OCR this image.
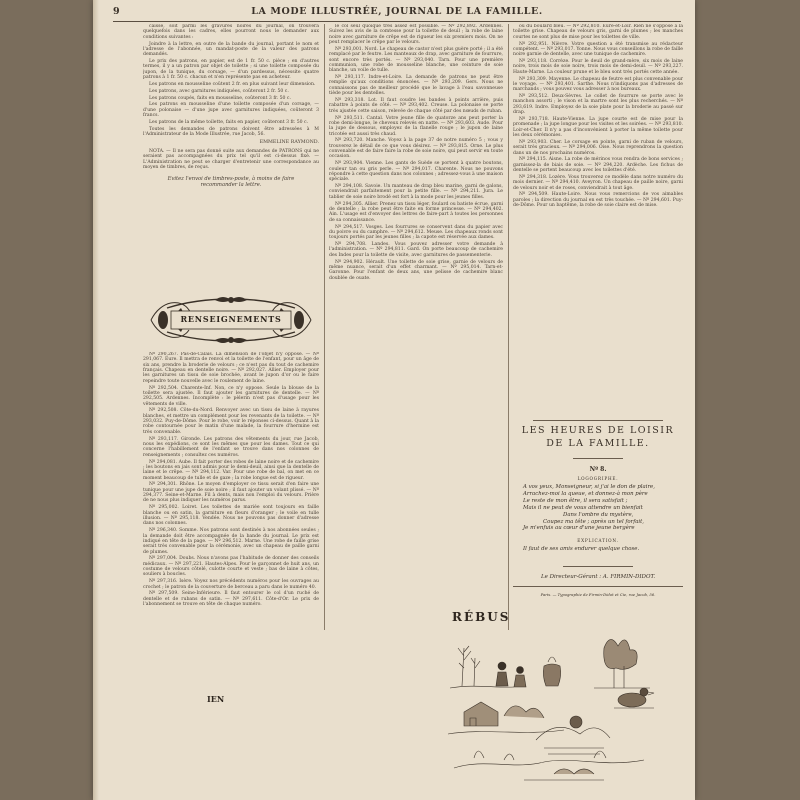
9	LA MODE ILLUSTRÉE, JOURNAL DE LA FAMILLE.

caisse, soit parmi les gravures noires du journal, on trouvera quelquefois dans les cadres, elles pourront nous le demander aux conditions suivantes :

Joindre à la lettre, en outre de la bande du journal, portant le nom et l'adresse de l'abonnée, un mandat-poste de la valeur des patrons demandés.

Le prix des patrons, en papier, est de 1 fr. 50 c. pièce ; en d'autres termes, il y a un patron par objet de toilette ; si une toilette composée du jupon, de la tunique, du corsage, — d'un pardessus, nécessite quatre patrons à 1 fr. 50 c. chacun et n'en représente pas en acheteur.

Les patrons en mousseline coûtent 2 fr. en plus suivant leur dimension.

Les patrons, avec garnitures indiquées, coûteront 2 fr. 50 c.

Les patrons coupés, faits en mousseline, coûteront 3 fr. 50 c.

Les patrons en mousseline d'une toilette composée d'un corsage, — d'une polonaise — d'une jupe avec garnitures indiquées, coûteront 3 francs.

Les patrons de la même toilette, faits en papier, coûteront 3 fr. 50 c.

Toutes les demandes de patrons doivent être adressées à M l'Administrateur de la Mode Illustrée, rue Jacob, 56.

EMMELINE RAYMOND.

NOTA. — Il ne sera pas donné suite aux demandes de PATRONS qui ne seraient pas accompagnées du prix tel qu'il est ci-dessus fixé. — L'Administration ne peut se charger d'entretenir une correspondance au moyen de timbres, de reçus.

Evitez l'envoi de timbres-poste, à moins de faire recommander la lettre.
RENSEIGNEMENTS

Nº 290,267. Pas-de-Calais. La dimension de l'objet n'y oppose. — Nº 291,067. Eure. Il mettra de renvoi et la toilette de l'enfant, pour un âge de six ans, prendre la broderie de velours ; ce n'est pas du tout de cachemire français. Chapeau en dentelle noire. — Nº 292,027. Allier. Employer pour les garnitures un tissu de soie brochée, avant le jupon d'or ou le faire repeindre toute nouvelle avec le roulement de laine.

Nº 292,504. Charente-Inf. Non, ce n'y oppose. Seule la blouse de la toilette sera ajustée. Il faut ajouter les garnitures de dentelle. — Nº 292,505. Ardennes. Incomplète : le pèlerin n'est pas d'usage pour les vêtements de ville.

Nº 292,508. Côte-du-Nord. Renvoyer avec un tissu de laine à rayures blanches, et mettre un complément pour les revenants de la toilette. — Nº 293,032. Puy-de-Dôme. Pour le robe, voir le réponses ci-dessus. Quant à la robe contournée pour le matin d'une malade, la fourrure d'hermine est très convenable.

Nº 293,117. Gironde. Les patrons des vêtements du jour, rue Jacob, nous les expédions, ce sont les mêmes que pour les dames. Tout ce qui concerne l'habillement de l'enfant se trouve dans nos colonnes de renseignements ; consultez ces numéros.

Nº 294,081. Aube. Il fait porter des robes de laine noire et de cachemire ; les boutons en jais sont admis pour le demi-deuil, ainsi que la dentelle de laine et le crêpe. — Nº 294,112. Var. Pour une robe de bal, on met en ce moment beaucoup de tulle et de gaze ; la robe longue est de rigueur.

Nº 294,301. Rhône. Le moyen d'employer ce tissu serait d'en faire une tunique pour une jupe de soie noire ; il faut ajouter un volant plissé. — Nº 294,377. Seine-et-Marne. Fil à dents, mais non l'emploi du velours. Prière de ne nous plus indiquer les numéros parus.

Nº 295,002. Loiret. Les toilettes de mariée sont toujours en faille blanche ou en satin, la garniture en fleurs d'oranger ; le voile en tulle illusion. — Nº 295,118. Vendée. Nous ne pouvons pas donner d'adresse dans nos colonnes.

Nº 296,340. Somme. Nos patrons sont destinés à nos abonnées seules ; la demande doit être accompagnée de la bande du journal. Le prix est indiqué en tête de la page. — Nº 296,512. Marne. Une robe de faille grise serait très convenable pour la cérémonie, avec un chapeau de paille garni de plumes.

Nº 297,004. Doubs. Nous n'avons pas l'habitude de donner des conseils médicaux. — Nº 297,221. Hautes-Alpes. Pour le garçonnet de huit ans, un costume de velours côtelé, culotte courte et veste ; bas de laine à côtes, souliers à boucles.

Nº 297,316. Isère. Voyez nos précédents numéros pour les ouvrages au crochet ; le patron de la couverture de berceau a paru dans le numéro 40.

Nº 297,509. Seine-Inférieure. Il faut entourer le col d'un ruché de dentelle et de rubans de satin. — Nº 297,611. Côte-d'Or. Le prix de l'abonnement se trouve en tête de chaque numéro.

le col seul quoique très assez est possible. — Nº 292,892. Ardennes. Suivez les avis de la comtesse pour la toilette de deuil ; la robe de laine noire avec garniture de crêpe est de rigueur les six premiers mois. On ne peut remplacer le crêpe par le velours.

Nº 293,001. Nord. Le chapeau de castor n'est plus guère porté ; il a été remplacé par le feutre. Les manteaux de drap, avec garniture de fourrure, sont encore très portés. — Nº 293,040. Tarn. Pour une première communion, une robe de mousseline blanche, une ceinture de soie blanche, un voile de tulle.

Nº 293,117. Indre-et-Loire. La demande de patrons ne peut être remplie qu'aux conditions énoncées. — Nº 293,209. Gers. Nous ne connaissons pas de meilleur procédé que le lavage à l'eau savonneuse tiède pour les dentelles.

Nº 293,318. Lot. Il faut coudre les bandes à points arrière, puis rabattre à points de côté. — Nº 293,402. Creuse. La polonaise se porte très ajustée cette saison, relevée de chaque côté par des nœuds de ruban.

Nº 293,511. Cantal. Votre jeune fille de quatorze ans peut porter la robe demi-longue, le cheveux relevés en natte. — Nº 293,603. Aude. Pour la jupe de dessous, employez de la flanelle rouge ; le jupon de laine tricotée est aussi très chaud.

Nº 293,720. Manche. Voyez à la page 37 de notre numéro 5 ; vous y trouverez le détail de ce que vous désirez. — Nº 293,815. Orne. Le plus convenable est de faire faire la robe de soie noire, qui peut servir en toute occasion.

Nº 293,904. Vienne. Les gants de Suède se portent à quatre boutons, couleur tan ou gris perle. — Nº 294,017. Charente. Nous ne pouvons répondre à cette question dans nos colonnes ; adressez-vous à une maison spéciale.

Nº 294,108. Savoie. Un manteau de drap bleu marine, garni de galons, conviendrait parfaitement pour la petite fille. — Nº 294,211. Jura. Le tablier de soie noire brodé est fort à la mode pour les jeunes filles.

Nº 294,305. Allier. Prenez un tissu léger, foulard ou batiste écrue, garni de dentelle ; la robe peut être faite en forme princesse. — Nº 294,402. Ain. L'usage est d'envoyer des lettres de faire-part à toutes les personnes de sa connaissance.

Nº 294,517. Vosges. Les fourrures se conservent dans du papier avec du poivre ou du camphre. — Nº 294,612. Meuse. Les chapeaux ronds sont toujours portés par les jeunes filles ; la capote est réservée aux dames.

Nº 294,708. Landes. Vous pouvez adresser votre demande à l'administration. — Nº 294,811. Gard. On porte beaucoup de cachemire des Indes pour la toilette de visite, avec garnitures de passementerie.

Nº 294,902. Hérault. Une toilette de soie grise, garnie de velours de même nuance, serait d'un effet charmant. — Nº 295,014. Tarn-et-Garonne. Pour l'enfant de deux ans, une pelisse de cachemire blanc doublée de ouate.

ou du boulard bleu. — Nº 292,810. Eure-et-Loir. Rien ne s'oppose à la toilette grise. Chapeau de velours gris, garni de plumes ; les manches courtes ne sont plus de mise pour les toilettes de ville.

Nº 292,951. Nièvre. Votre question a été transmise au rédacteur compétent. — Nº 293,017. Yonne. Nous vous conseillons la robe de faille noire garnie de dentelle, avec une tunique de cachemire.

Nº 293,118. Corrèze. Pour le deuil de grand-mère, six mois de laine noire, trois mois de soie noire, trois mois de demi-deuil. — Nº 293,227. Haute-Marne. La couleur prune et le bleu sont très portés cette année.

Nº 293,309. Mayenne. Le chapeau de feutre est plus convenable pour le voyage. — Nº 293,401. Sarthe. Nous n'indiquons pas d'adresses de marchands ; vous pouvez vous adresser à nos bureaux.

Nº 293,512. Deux-Sèvres. Le collet de fourrure se porte avec le manchon assorti ; le vison et la martre sont les plus recherchés. — Nº 293,619. Indre. Employez de la soie plate pour la broderie au passé sur drap.

Nº 293,718. Haute-Vienne. La jupe courte est de mise pour la promenade ; la jupe longue pour les visites et les soirées. — Nº 293,810. Loir-et-Cher. Il n'y a pas d'inconvénient à porter la même toilette pour les deux cérémonies.

Nº 293,903. Cher. Le corsage en pointe, garni de ruban de velours, serait très gracieux. — Nº 294,006. Oise. Nous reprendrons la question dans un de nos prochains numéros.

Nº 294,115. Aisne. La robe de mérinos vous rendra de bons services ; garnissez-la de biais de soie. — Nº 294,220. Ardèche. Les fichus de dentelle se portent beaucoup avec les toilettes d'été.

Nº 294,318. Lozère. Vous trouverez ce modèle dans notre numéro du mois dernier. — Nº 294,410. Aveyron. Un chapeau de paille noire, garni de velours noir et de roses, conviendrait à tout âge.

Nº 294,509. Haute-Loire. Nous vous remercions de vos aimables paroles ; la direction du journal en est très touchée. — Nº 294,601. Puy-de-Dôme. Pour un baptême, la robe de soie claire est de mise.

LES HEURES DE LOISIR
DE LA FAMILLE.
Nº 8.
LOGOGRIPHE.
A vos yeux, Monseigneur, si j'ai le don de plaire,
Arrachez-moi la queue, et donnez-à mon père
Le reste de mon être, il sera satisfait ;
Mais il ne peut de vous attendre un bienfait
Dans l'ombre du mystère,
Coupez ma tête ; après un tel forfait,
Je m'enfuis au cœur d'une jeune bergère
EXPLICATION.
Il faut de ses amis endurer quelque chose.
Le Directeur-Gérant : A. FIRMIN-DIDOT.
Paris. — Typographie de Firmin-Didot et Cie, rue Jacob, 56.
RÉBUS
IEN
